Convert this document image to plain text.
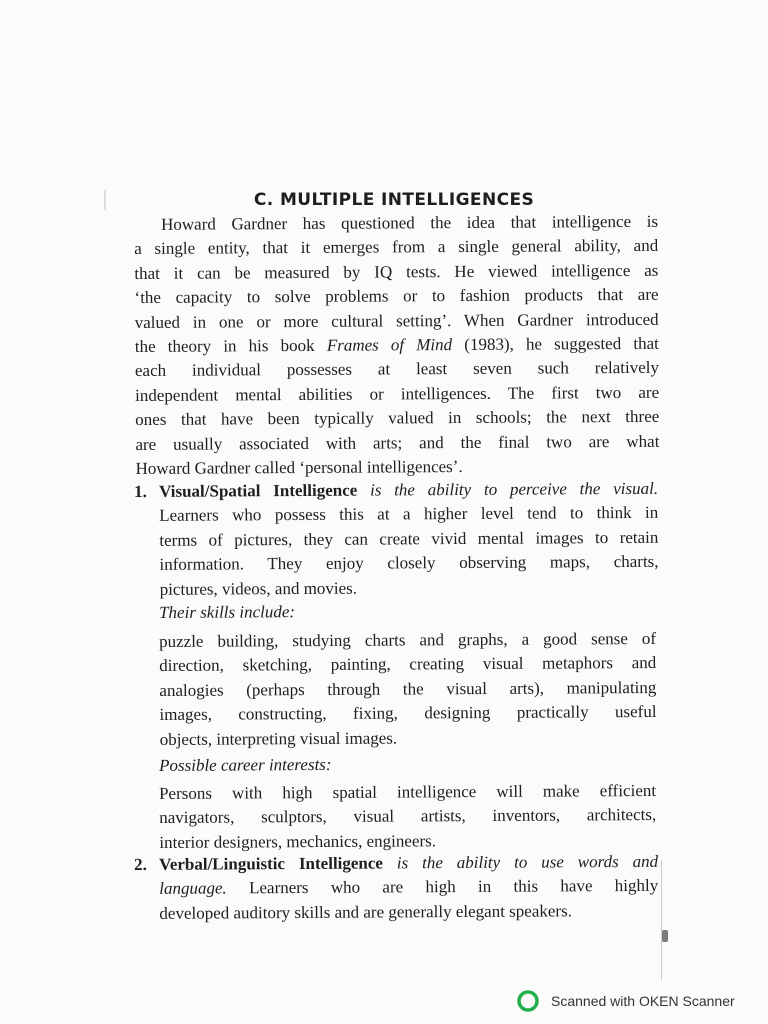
C. MULTIPLE INTELLIGENCES
Howard Gardner has questioned the idea that intelligence is
a single entity, that it emerges from a single general ability, and
that it can be measured by IQ tests. He viewed intelligence as
‘the capacity to solve problems or to fashion products that are
valued in one or more cultural setting’. When Gardner introduced
the theory in his book Frames of Mind (1983), he suggested that
each individual possesses at least seven such relatively
independent mental abilities or intelligences. The first two are
ones that have been typically valued in schools; the next three
are usually associated with arts; and the final two are what
Howard Gardner called ‘personal intelligences’.
1. Visual/Spatial Intelligence is the ability to perceive the visual.
Learners who possess this at a higher level tend to think in
terms of pictures, they can create vivid mental images to retain
information. They enjoy closely observing maps, charts,
pictures, videos, and movies.
Their skills include:
puzzle building, studying charts and graphs, a good sense of
direction, sketching, painting, creating visual metaphors and
analogies (perhaps through the visual arts), manipulating
images, constructing, fixing, designing practically useful
objects, interpreting visual images.
Possible career interests:
Persons with high spatial intelligence will make efficient
navigators, sculptors, visual artists, inventors, architects,
interior designers, mechanics, engineers.
2. Verbal/Linguistic Intelligence is the ability to use words and
language. Learners who are high in this have highly
developed auditory skills and are generally elegant speakers.
Scanned with OKEN Scanner
